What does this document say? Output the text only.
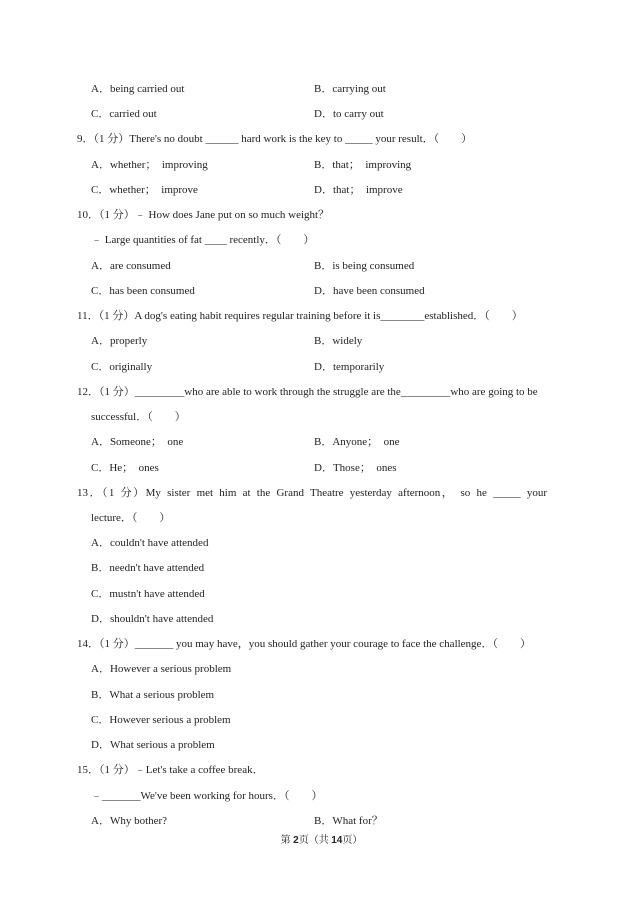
A．being carried out	B．carrying out
C．carried out	D．to carry out
9．（1 分）There's no doubt ______ hard work is the key to _____ your result．（　　）
A．whether；  improving	B．that；  improving
C．whether；  improve	D．that；  improve
10．（1 分）﹣ How does Jane put on so much weight？
﹣ Large quantities of fat ____ recently．（　　）
A．are consumed	B．is being consumed
C．has been consumed	D．have been consumed
11．（1 分）A dog's eating habit requires regular training before it is________established．（　　）
A．properly	B．widely
C．originally	D．temporarily
12．（1 分）_________who are able to work through the struggle are the_________who are going to be
successful．（　　）
A．Someone；  one	B．Anyone；  one
C．He；  ones	D．Those；  ones
13．（1 分）My sister met him at the Grand Theatre yesterday afternoon， so he _____ your
lecture．（　　）
A．couldn't have attended
B．needn't have attended
C．mustn't have attended
D．shouldn't have attended
14．（1 分）_______ you may have，you should gather your courage to face the challenge．（　　）
A．However a serious problem
B．What a serious problem
C．However serious a problem
D．What serious a problem
15．（1 分）﹣Let's take a coffee break．
﹣_______We've been working for hours．（　　）
A．Why bother?	B．What for？
第 2页（共 14页）
